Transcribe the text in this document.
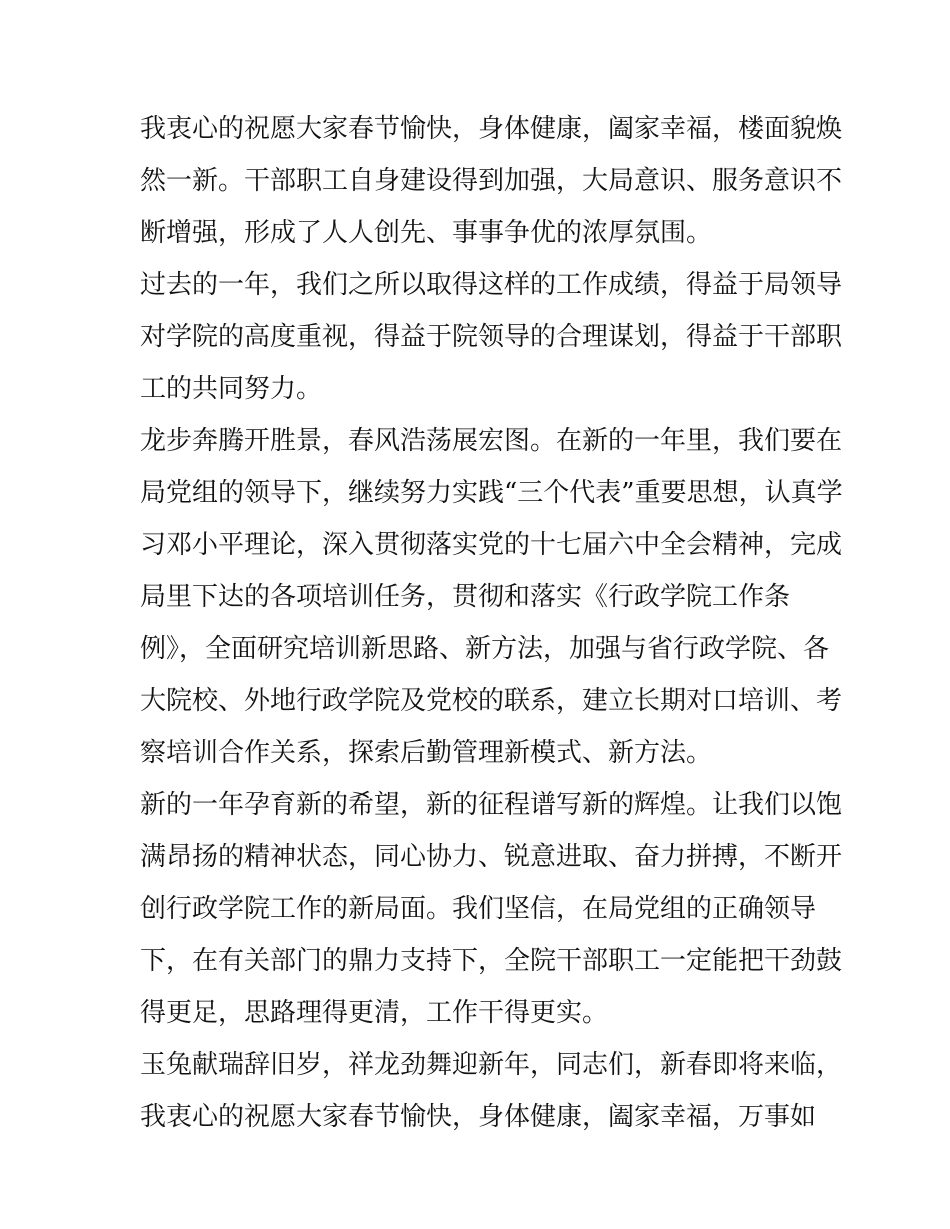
我衷心的祝愿大家春节愉快，身体健康，阖家幸福，楼面貌焕
然一新。干部职工自身建设得到加强，大局意识、服务意识不
断增强，形成了人人创先、事事争优的浓厚氛围。
过去的一年，我们之所以取得这样的工作成绩，得益于局领导
对学院的高度重视，得益于院领导的合理谋划，得益于干部职
工的共同努力。
龙步奔腾开胜景，春风浩荡展宏图。在新的一年里，我们要在
局党组的领导下，继续努力实践“三个代表”重要思想，认真学
习邓小平理论，深入贯彻落实党的十七届六中全会精神，完成
局里下达的各项培训任务，贯彻和落实《行政学院工作条
例》，全面研究培训新思路、新方法，加强与省行政学院、各
大院校、外地行政学院及党校的联系，建立长期对口培训、考
察培训合作关系，探索后勤管理新模式、新方法。
新的一年孕育新的希望，新的征程谱写新的辉煌。让我们以饱
满昂扬的精神状态，同心协力、锐意进取、奋力拼搏，不断开
创行政学院工作的新局面。我们坚信，在局党组的正确领导
下，在有关部门的鼎力支持下，全院干部职工一定能把干劲鼓
得更足，思路理得更清，工作干得更实。
玉兔献瑞辞旧岁，祥龙劲舞迎新年，同志们，新春即将来临，
我衷心的祝愿大家春节愉快，身体健康，阖家幸福，万事如
